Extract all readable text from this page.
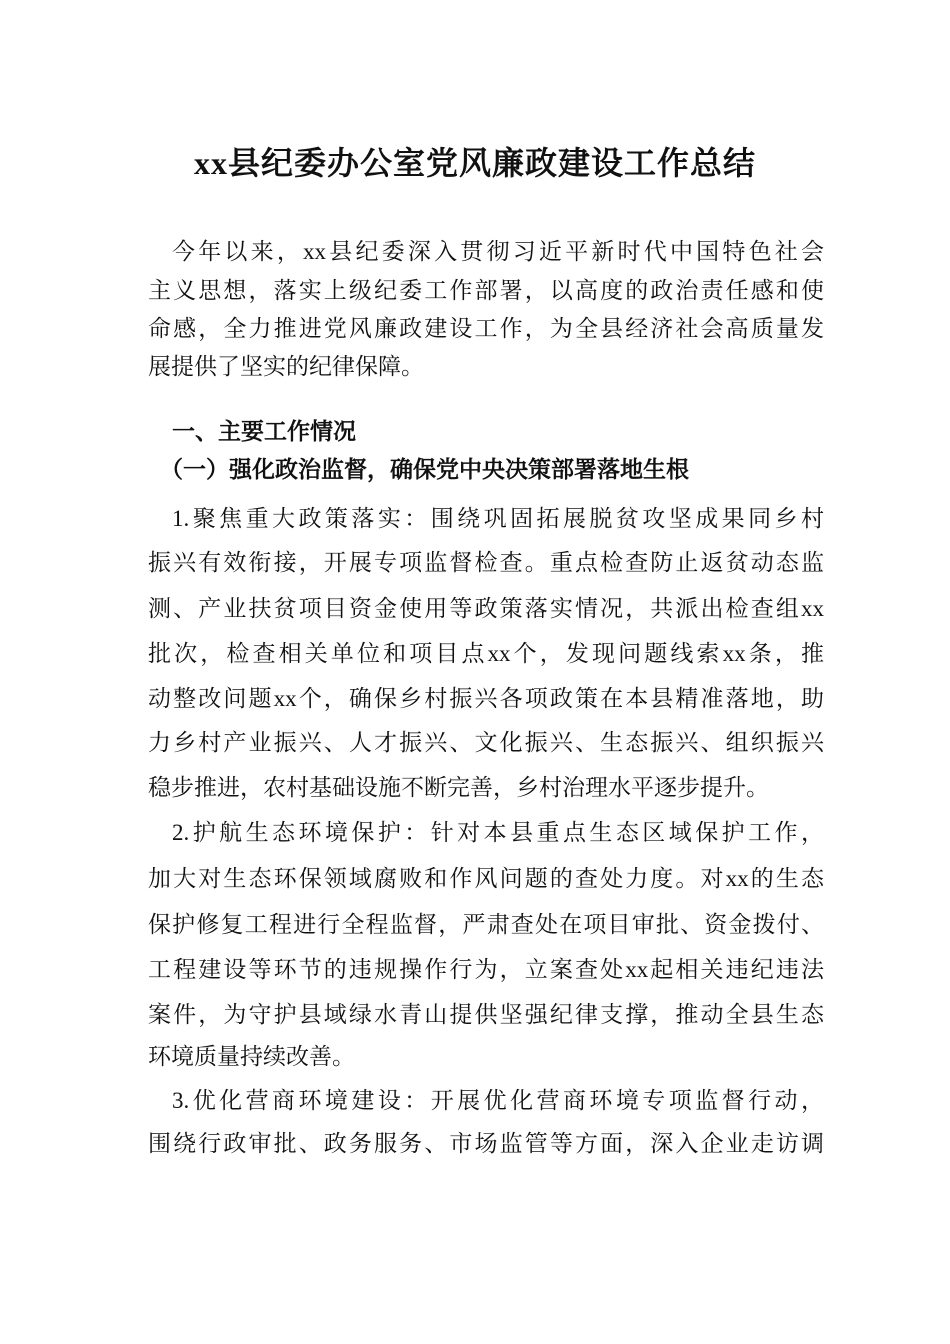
xx县纪委办公室党风廉政建设工作总结
今年以来，xx县纪委深入贯彻习近平新时代中国特色社会
主义思想，落实上级纪委工作部署，以高度的政治责任感和使
命感，全力推进党风廉政建设工作，为全县经济社会高质量发
展提供了坚实的纪律保障。
一、主要工作情况
（一）强化政治监督，确保党中央决策部署落地生根
1.聚焦重大政策落实：围绕巩固拓展脱贫攻坚成果同乡村
振兴有效衔接，开展专项监督检查。重点检查防止返贫动态监
测、产业扶贫项目资金使用等政策落实情况，共派出检查组xx
批次，检查相关单位和项目点xx个，发现问题线索xx条，推
动整改问题xx个，确保乡村振兴各项政策在本县精准落地，助
力乡村产业振兴、人才振兴、文化振兴、生态振兴、组织振兴
稳步推进，农村基础设施不断完善，乡村治理水平逐步提升。
2.护航生态环境保护：针对本县重点生态区域保护工作，
加大对生态环保领域腐败和作风问题的查处力度。对xx的生态
保护修复工程进行全程监督，严肃查处在项目审批、资金拨付、
工程建设等环节的违规操作行为，立案查处xx起相关违纪违法
案件，为守护县域绿水青山提供坚强纪律支撑，推动全县生态
环境质量持续改善。
3.优化营商环境建设：开展优化营商环境专项监督行动，
围绕行政审批、政务服务、市场监管等方面，深入企业走访调
